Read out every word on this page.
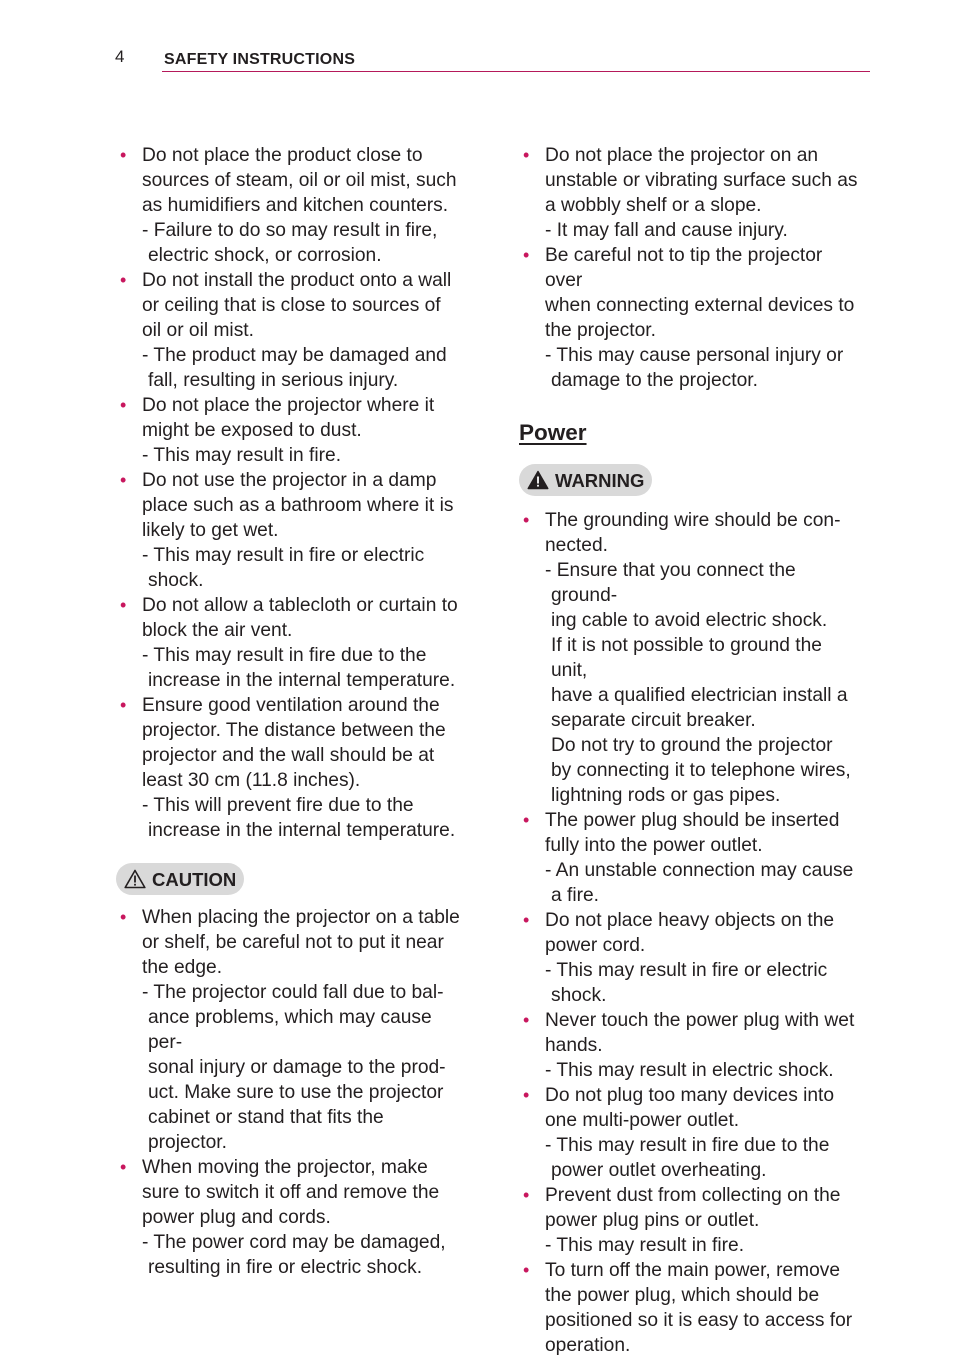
4 SAFETY INSTRUCTIONS
• Do not place the product close to
sources of steam, oil or oil mist, such
as humidifiers and kitchen counters.
- Failure to do so may result in fire,
electric shock, or corrosion.
• Do not install the product onto a wall
or ceiling that is close to sources of
oil or oil mist.
- The product may be damaged and
fall, resulting in serious injury.
• Do not place the projector where it
might be exposed to dust.
- This may result in fire.
• Do not use the projector in a damp
place such as a bathroom where it is
likely to get wet.
- This may result in fire or electric
shock.
• Do not allow a tablecloth or curtain to
block the air vent.
- This may result in fire due to the
increase in the internal temperature.
• Ensure good ventilation around the
projector. The distance between the
projector and the wall should be at
least 30 cm (11.8 inches).
- This will prevent fire due to the
increase in the internal temperature.
CAUTION
• When placing the projector on a table
or shelf, be careful not to put it near
the edge.
- The projector could fall due to bal-
ance problems, which may cause per-
sonal injury or damage to the prod-
uct. Make sure to use the projector
cabinet or stand that fits the projector.
• When moving the projector, make
sure to switch it off and remove the
power plug and cords.
- The power cord may be damaged,
resulting in fire or electric shock.
• Do not place the projector on an
unstable or vibrating surface such as
a wobbly shelf or a slope.
- It may fall and cause injury.
• Be careful not to tip the projector over
when connecting external devices to
the projector.
- This may cause personal injury or
damage to the projector.
Power
WARNING
• The grounding wire should be con-
nected.
- Ensure that you connect the ground-
ing cable to avoid electric shock.
If it is not possible to ground the unit,
have a qualified electrician install a
separate circuit breaker.
Do not try to ground the projector
by connecting it to telephone wires,
lightning rods or gas pipes.
• The power plug should be inserted
fully into the power outlet.
- An unstable connection may cause
a fire.
• Do not place heavy objects on the
power cord.
- This may result in fire or electric
shock.
• Never touch the power plug with wet
hands.
- This may result in electric shock.
• Do not plug too many devices into
one multi-power outlet.
- This may result in fire due to the
power outlet overheating.
• Prevent dust from collecting on the
power plug pins or outlet.
- This may result in fire.
• To turn off the main power, remove
the power plug, which should be
positioned so it is easy to access for
operation.
